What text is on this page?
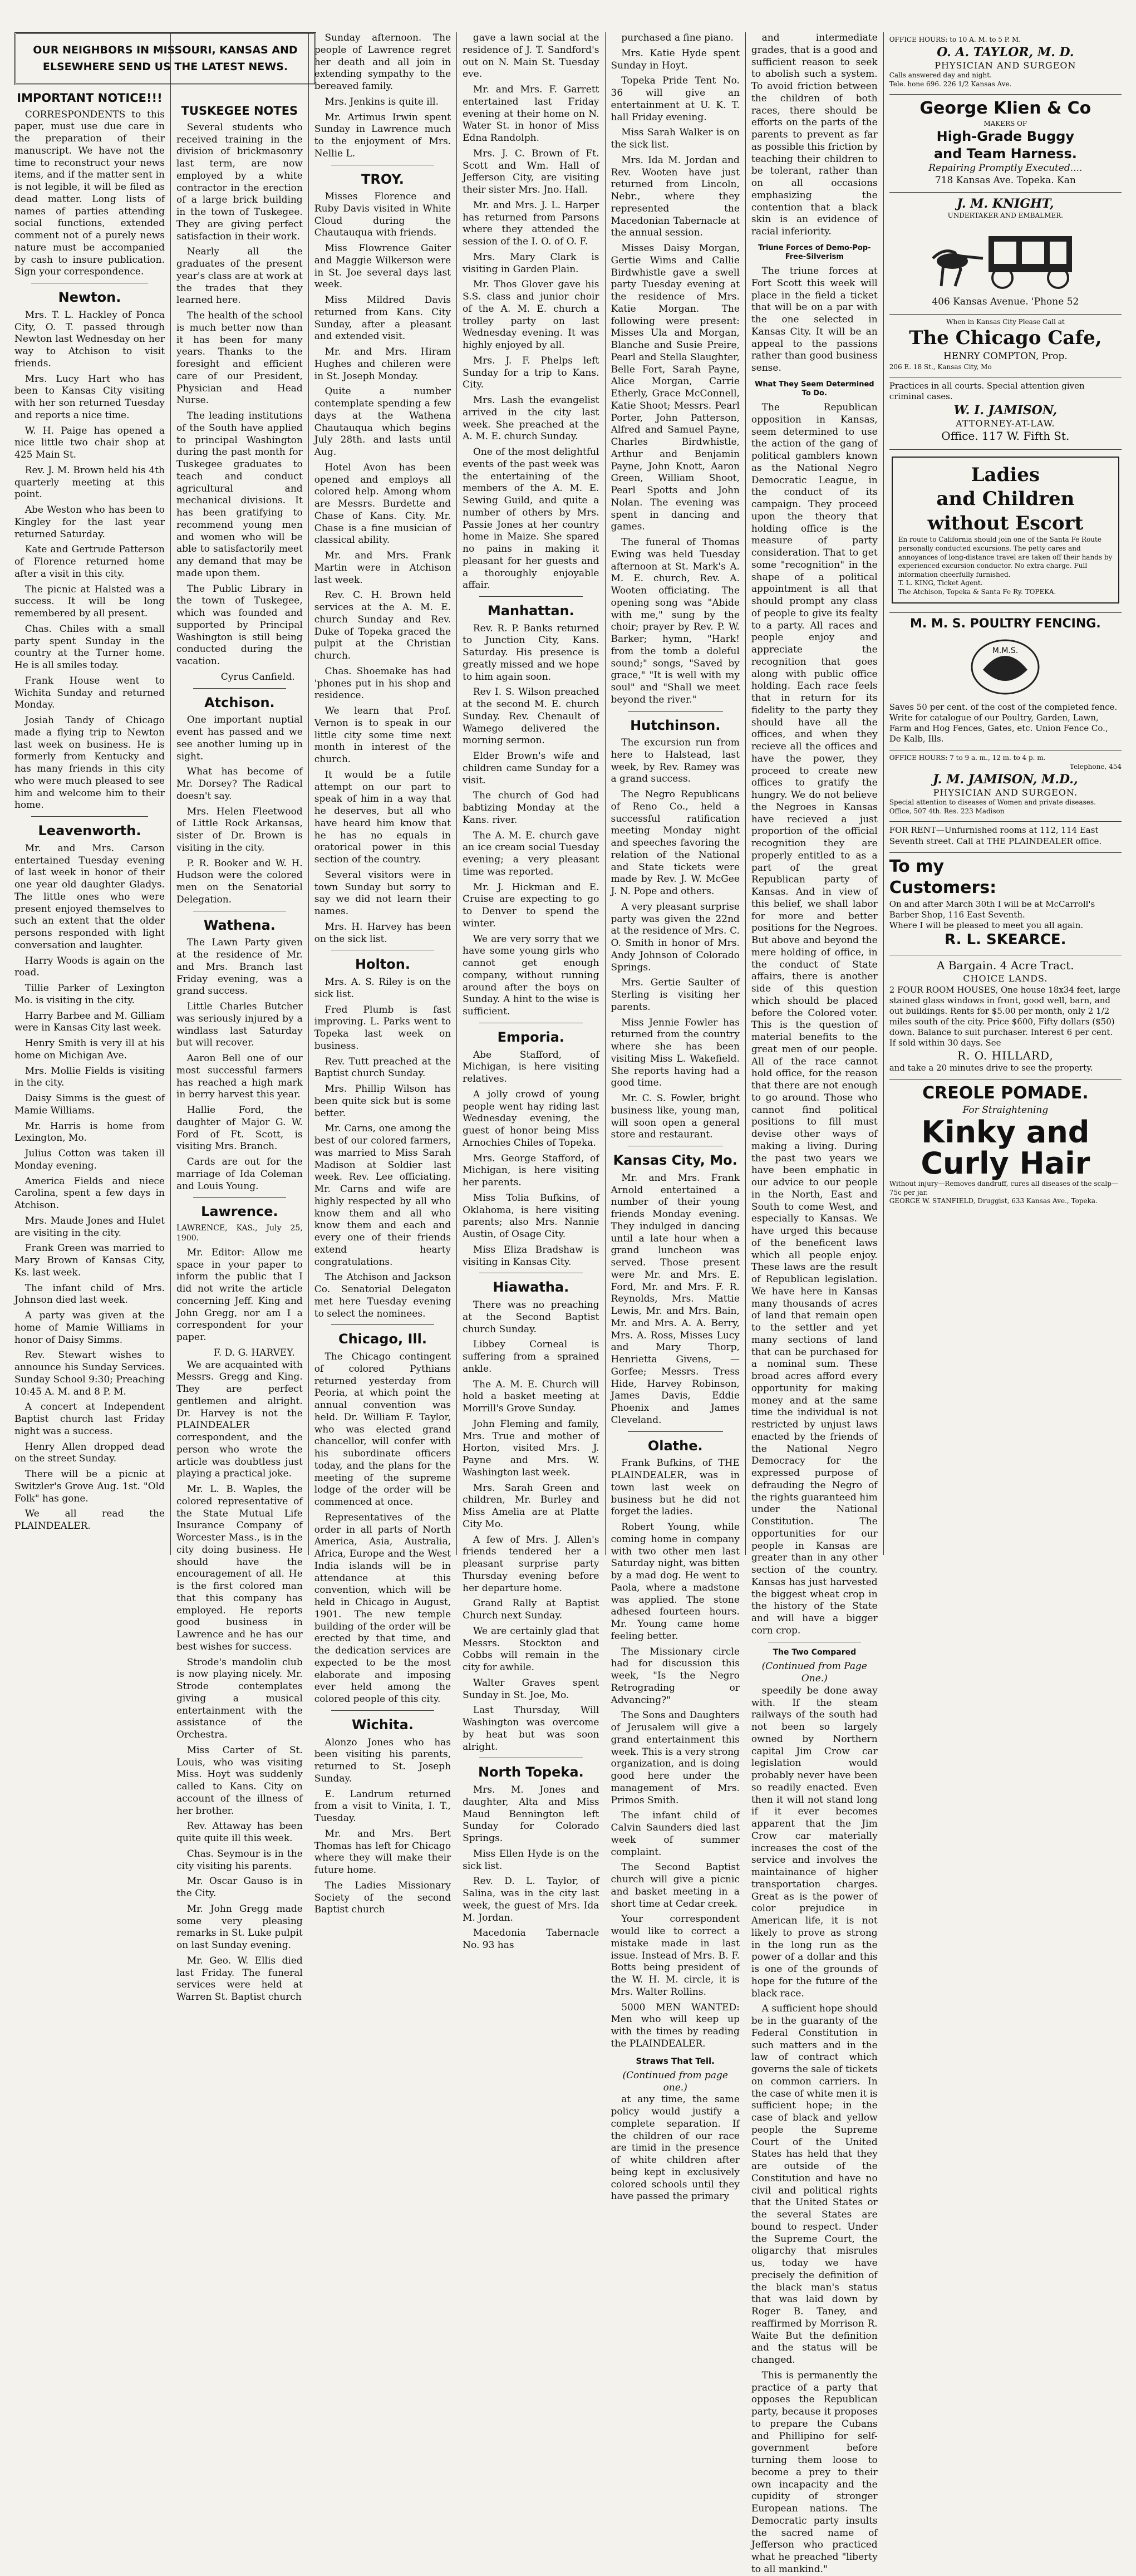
OUR NEIGHBORS IN MISSOURI, KANSAS AND
ELSEWHERE SEND US THE LATEST NEWS.
IMPORTANT NOTICE!!!

CORRESPONDENTS to this paper, must use due care in the preparation of their manuscript. We have not the time to reconstruct your news items, and if the matter sent in is not legible, it will be filed as dead matter. Long lists of names of parties attending social functions, extended comment not of a purely news nature must be accompanied by cash to insure publication. Sign your correspondence.

Newton.

Mrs. T. L. Hackley of Ponca City, O. T. passed through Newton last Wednesday on her way to Atchison to visit friends.

Mrs. Lucy Hart who has been to Kansas City visiting with her son returned Tuesday and reports a nice time.

W. H. Paige has opened a nice little two chair shop at 425 Main St.

Rev. J. M. Brown held his 4th quarterly meeting at this point.

Abe Weston who has been to Kingley for the last year returned Saturday.

Kate and Gertrude Patterson of Florence returned home after a visit in this city.

The picnic at Halsted was a success. It will be long remembered by all present.

Chas. Chiles with a small party spent Sunday in the country at the Turner home. He is all smiles today.

Frank House went to Wichita Sunday and returned Monday.

Josiah Tandy of Chicago made a flying trip to Newton last week on business. He is formerly from Kentucky and has many friends in this city who were much pleased to see him and welcome him to their home.

Leavenworth.

Mr. and Mrs. Carson entertained Tuesday evening of last week in honor of their one year old daughter Gladys. The little ones who were present enjoyed themselves to such an extent that the older persons responded with light conversation and laughter.

Harry Woods is again on the road.

Tillie Parker of Lexington Mo. is visiting in the city.

Harry Barbee and M. Gilliam were in Kansas City last week.

Henry Smith is very ill at his home on Michigan Ave.

Mrs. Mollie Fields is visiting in the city.

Daisy Simms is the guest of Mamie Williams.

Mr. Harris is home from Lexington, Mo.

Julius Cotton was taken ill Monday evening.

America Fields and niece Carolina, spent a few days in Atchison.

Mrs. Maude Jones and Hulet are visiting in the city.

Frank Green was married to Mary Brown of Kansas City, Ks. last week.

The infant child of Mrs. Johnson died last week.

A party was given at the home of Mamie Williams in honor of Daisy Simms.

Rev. Stewart wishes to announce his Sunday Services. Sunday School 9:30; Preaching 10:45 A. M. and 8 P. M.

A concert at Independent Baptist church last Friday night was a success.

Henry Allen dropped dead on the street Sunday.

There will be a picnic at Switzler's Grove Aug. 1st. "Old Folk" has gone.

We all read the PLAINDEALER.

TUSKEGEE NOTES

Several students who received training in the division of brickmasonry last term, are now employed by a white contractor in the erection of a large brick building in the town of Tuskegee. They are giving perfect satisfaction in their work.

Nearly all the graduates of the present year's class are at work at the trades that they learned here.

The health of the school is much better now than it has been for many years. Thanks to the foresight and efficient care of our President, Physician and Head Nurse.

The leading institutions of the South have applied to principal Washington during the past month for Tuskegee graduates to teach and conduct agricultural and mechanical divisions. It has been gratifying to recommend young men and women who will be able to satisfactorily meet any demand that may be made upon them.

The Public Library in the town of Tuskegee, which was founded and supported by Principal Washington is still being conducted during the vacation.

Cyrus Canfield.
Atchison.

One important nuptial event has passed and we see another luming up in sight.

What has become of Mr. Dorsey? The Radical doesn't say.

Mrs. Helen Fleetwood of Little Rock Arkansas, sister of Dr. Brown is visiting in the city.

P. R. Booker and W. H. Hudson were the colored men on the Senatorial Delegation.

Wathena.

The Lawn Party given at the residence of Mr. and Mrs. Branch last Friday evening, was a grand success.

Little Charles Butcher was seriously injured by a windlass last Saturday but will recover.

Aaron Bell one of our most successful farmers has reached a high mark in berry harvest this year.

Hallie Ford, the daughter of Major G. W. Ford of Ft. Scott, is visiting Mrs. Branch.

Cards are out for the marriage of Ida Coleman and Louis Young.

Lawrence.

LAWRENCE, KAS., July 25, 1900.

Mr. Editor: Allow me space in your paper to inform the public that I did not write the article concerning Jeff. King and John Gregg, nor am I a correspondent for your paper.

F. D. G. HARVEY.

We are acquainted with Messrs. Gregg and King. They are perfect gentlemen and alright. Dr. Harvey is not the PLAINDEALER correspondent, and the person who wrote the article was doubtless just playing a practical joke.

Mr. L. B. Waples, the colored representative of the State Mutual Life Insurance Company of Worcester Mass., is in the city doing business. He should have the encouragement of all. He is the first colored man that this company has employed. He reports good business in Lawrence and he has our best wishes for success.

Strode's mandolin club is now playing nicely. Mr. Strode contemplates giving a musical entertainment with the assistance of the Orchestra.

Miss Carter of St. Louis, who was visiting Miss. Hoyt was suddenly called to Kans. City on account of the illness of her brother.

Rev. Attaway has been quite quite ill this week.

Chas. Seymour is in the city visiting his parents.

Mr. Oscar Gauso is in the City.

Mr. John Gregg made some very pleasing remarks in St. Luke pulpit on last Sunday evening.

Mr. Geo. W. Ellis died last Friday. The funeral services were held at Warren St. Baptist church

Sunday afternoon. The people of Lawrence regret her death and all join in extending sympathy to the bereaved family.

Mrs. Jenkins is quite ill.

Mr. Artimus Irwin spent Sunday in Lawrence much to the enjoyment of Mrs. Nellie L.

TROY.

Misses Florence and Ruby Davis visited in White Cloud during the Chautauqua with friends.

Miss Flowrence Gaiter and Maggie Wilkerson were in St. Joe several days last week.

Miss Mildred Davis returned from Kans. City Sunday, after a pleasant and extended visit.

Mr. and Mrs. Hiram Hughes and chileren were in St. Joseph Monday.

Quite a number contemplate spending a few days at the Wathena Chautauqua which begins July 28th. and lasts until Aug.

Hotel Avon has been opened and employs all colored help. Among whom are Messrs. Burdette and Chase of Kans. City. Mr. Chase is a fine musician of classical ability.

Mr. and Mrs. Frank Martin were in Atchison last week.

Rev. C. H. Brown held services at the A. M. E. church Sunday and Rev. Duke of Topeka graced the pulpit at the Christian church.

Chas. Shoemake has had 'phones put in his shop and residence.

We learn that Prof. Vernon is to speak in our little city some time next month in interest of the church.

It would be a futile attempt on our part to speak of him in a way that he deserves, but all who have heard him know that he has no equals in oratorical power in this section of the country.

Several visitors were in town Sunday but sorry to say we did not learn their names.

Mrs. H. Harvey has been on the sick list.

Holton.

Mrs. A. S. Riley is on the sick list.

Fred Plumb is fast improving. L. Parks went to Topeka last week on business.

Rev. Tutt preached at the Baptist church Sunday.

Mrs. Phillip Wilson has been quite sick but is some better.

Mr. Carns, one among the best of our colored farmers, was married to Miss Sarah Madison at Soldier last week. Rev. Lee officiating. Mr. Carns and wife are highly respected by all who know them and all who know them and each and every one of their friends extend hearty congratulations.

The Atchison and Jackson Co. Senatorial Delegaton met here Tuesday evening to select the nominees.

Chicago, Ill.

The Chicago contingent of colored Pythians returned yesterday from Peoria, at which point the annual convention was held. Dr. William F. Taylor, who was elected grand chancellor, will confer with his subordinate officers today, and the plans for the meeting of the supreme lodge of the order will be commenced at once.

Representatives of the order in all parts of North America, Asia, Australia, Africa, Europe and the West India islands will be in attendance at this convention, which will be held in Chicago in August, 1901. The new temple building of the order will be erected by that time, and the dedication services are expected to be the most elaborate and imposing ever held among the colored people of this city.

Wichita.

Alonzo Jones who has been visiting his parents, returned to St. Joseph Sunday.

E. Landrum returned from a visit to Vinita, I. T., Tuesday.

Mr. and Mrs. Bert Thomas has left for Chicago where they will make their future home.

The Ladies Missionary Society of the second Baptist church

gave a lawn social at the residence of J. T. Sandford's out on N. Main St. Tuesday eve.

Mr. and Mrs. F. Garrett entertained last Friday evening at their home on N. Water St. in honor of Miss Edna Randolph.

Mrs. J. C. Brown of Ft. Scott and Wm. Hall of Jefferson City, are visiting their sister Mrs. Jno. Hall.

Mr. and Mrs. J. L. Harper has returned from Parsons where they attended the session of the I. O. of O. F.

Mrs. Mary Clark is visiting in Garden Plain.

Mr. Thos Glover gave his S.S. class and junior choir of the A. M. E. church a trolley party on last Wednesday evening. It was highly enjoyed by all.

Mrs. J. F. Phelps left Sunday for a trip to Kans. City.

Mrs. Lash the evangelist arrived in the city last week. She preached at the A. M. E. church Sunday.

One of the most delightful events of the past week was the entertaining of the members of the A. M. E. Sewing Guild, and quite a number of others by Mrs. Passie Jones at her country home in Maize. She spared no pains in making it pleasant for her guests and a thoroughly enjoyable affair.

Manhattan.

Rev. R. P. Banks returned to Junction City, Kans. Saturday. His presence is greatly missed and we hope to him again soon.

Rev I. S. Wilson preached at the second M. E. church Sunday. Rev. Chenault of Wamego delivered the morning sermon.

Elder Brown's wife and children came Sunday for a visit.

The church of God had babtizing Monday at the Kans. river.

The A. M. E. church gave an ice cream social Tuesday evening; a very pleasant time was reported.

Mr. J. Hickman and E. Cruise are expecting to go to Denver to spend the winter.

We are very sorry that we have some young girls who cannot get enough company, without running around after the boys on Sunday. A hint to the wise is sufficient.

Emporia.

Abe Stafford, of Michigan, is here visiting relatives.

A jolly crowd of young people went hay riding last Wednesday evening, the guest of honor being Miss Arnochies Chiles of Topeka.

Mrs. George Stafford, of Michigan, is here visiting her parents.

Miss Tolia Bufkins, of Oklahoma, is here visiting parents; also Mrs. Nannie Austin, of Osage City.

Miss Eliza Bradshaw is visiting in Kansas City.

Hiawatha.

There was no preaching at the Second Baptist church Sunday.

Libbey Corneal is suffering from a sprained ankle.

The A. M. E. Church will hold a basket meeting at Morrill's Grove Sunday.

John Fleming and family, Mrs. True and mother of Horton, visited Mrs. J. Payne and Mrs. W. Washington last week.

Mrs. Sarah Green and children, Mr. Burley and Miss Amelia are at Platte City Mo.

A few of Mrs. J. Allen's friends tendered her a pleasant surprise party Thursday evening before her departure home.

Grand Rally at Baptist Church next Sunday.

We are certainly glad that Messrs. Stockton and Cobbs will remain in the city for awhile.

Walter Graves spent Sunday in St. Joe, Mo.

Last Thursday, Will Washington was overcome by heat but was soon alright.

North Topeka.

Mrs. M. Jones and daughter, Alta and Miss Maud Bennington left Sunday for Colorado Springs.

Miss Ellen Hyde is on the sick list.

Rev. D. L. Taylor, of Salina, was in the city last week, the guest of Mrs. Ida M. Jordan.

Macedonia Tabernacle No. 93 has

purchased a fine piano.

Mrs. Katie Hyde spent Sunday in Hoyt.

Topeka Pride Tent No. 36 will give an entertainment at U. K. T. hall Friday evening.

Miss Sarah Walker is on the sick list.

Mrs. Ida M. Jordan and Rev. Wooten have just returned from Lincoln, Nebr., where they represented the Macedonian Tabernacle at the annual session.

Misses Daisy Morgan, Gertie Wims and Callie Birdwhistle gave a swell party Tuesday evening at the residence of Mrs. Katie Morgan. The following were present: Misses Ula and Morgan, Blanche and Susie Preire, Pearl and Stella Slaughter, Belle Fort, Sarah Payne, Alice Morgan, Carrie Etherly, Grace McConnell, Katie Shoot; Messrs. Pearl Porter, John Patterson, Alfred and Samuel Payne, Charles Birdwhistle, Arthur and Benjamin Payne, John Knott, Aaron Green, William Shoot, Pearl Spotts and John Nolan. The evening was spent in dancing and games.

The funeral of Thomas Ewing was held Tuesday afternoon at St. Mark's A. M. E. church, Rev. A. Wooten officiating. The opening song was "Abide with me," sung by the choir; prayer by Rev. P. W. Barker; hymn, "Hark! from the tomb a doleful sound;" songs, "Saved by grace," "It is well with my soul" and "Shall we meet beyond the river."

Hutchinson.

The excursion run from here to Halstead, last week, by Rev. Ramey was a grand success.

The Negro Republicans of Reno Co., held a successful ratification meeting Monday night and speeches favoring the relation of the National and State tickets were made by Rev. J. W. McGee J. N. Pope and others.

A very pleasant surprise party was given the 22nd at the residence of Mrs. C. O. Smith in honor of Mrs. Andy Johnson of Colorado Springs.

Mrs. Gertie Saulter of Sterling is visiting her parents.

Miss Jennie Fowler has returned from the country where she has been visiting Miss L. Wakefield. She reports having had a good time.

Mr. C. S. Fowler, bright business like, young man, will soon open a general store and restaurant.

Kansas City, Mo.

Mr. and Mrs. Frank Arnold entertained a number of their young friends Monday evening. They indulged in dancing until a late hour when a grand luncheon was served. Those present were Mr. and Mrs. E. Ford, Mr. and Mrs. F. R. Reynolds, Mrs. Mattie Lewis, Mr. and Mrs. Bain, Mr. and Mrs. A. A. Berry, Mrs. A. Ross, Misses Lucy and Mary Thorp, Henrietta Givens, — Gorfee; Messrs. Tress Hide, Harvey Robinson, James Davis, Eddie Phoenix and James Cleveland.

Olathe.

Frank Bufkins, of THE PLAINDEALER, was in town last week on business but he did not forget the ladies.

Robert Young, while coming home in company with two other men last Saturday night, was bitten by a mad dog. He went to Paola, where a madstone was applied. The stone adhesed fourteen hours. Mr. Young came home feeling better.

The Missionary circle had for discussion this week, "Is the Negro Retrograding or Advancing?"

The Sons and Daughters of Jerusalem will give a grand entertainment this week. This is a very strong organization, and is doing good here under the management of Mrs. Primos Smith.

The infant child of Calvin Saunders died last week of summer complaint.

The Second Baptist church will give a picnic and basket meeting in a short time at Cedar creek.

Your correspondent would like to correct a mistake made in last issue. Instead of Mrs. B. F. Botts being president of the W. H. M. circle, it is Mrs. Walter Rollins.

5000 MEN WANTED: Men who will keep up with the times by reading the PLAINDEALER.

Straws That Tell.
(Continued from page one.)

at any time, the same policy would justify a complete separation. If the children of our race are timid in the presence of white children after being kept in exclusively colored schools until they have passed the primary

and intermediate grades, that is a good and sufficient reason to seek to abolish such a system. To avoid friction between the children of both races, there should be efforts on the parts of the parents to prevent as far as possible this friction by teaching their children to be tolerant, rather than on all occasions emphasizing the contention that a black skin is an evidence of racial inferiority.

Triune Forces of Demo-Pop-Free-Silverism

The triune forces at Fort Scott this week will place in the field a ticket that will be on a par with the one selected in Kansas City. It will be an appeal to the passions rather than good business sense.

What They Seem Determined To Do.

The Republican opposition in Kansas, seem determined to use the action of the gang of political gamblers known as the National Negro Democratic League, in the conduct of its campaign. They proceed upon the theory that holding office is the measure of party consideration. That to get some "recognition" in the shape of a political appointment is all that should prompt any class of people to give its fealty to a party. All races and people enjoy and appreciate the recognition that goes along with public office holding. Each race feels that in return for its fidelity to the party they should have all the offices, and when they recieve all the offices and have the power, they proceed to create new offices to gratify the hungry. We do not believe the Negroes in Kansas have recieved a just proportion of the official recognition they are properly entitled to as a part of the great Republican party of Kansas. And in view of this belief, we shall labor for more and better positions for the Negroes. But above and beyond the mere holding of office, in the conduct of State affairs, there is another side of this question which should be placed before the Colored voter. This is the question of material benefits to the great men of our people. All of the race cannot hold office, for the reason that there are not enough to go around. Those who cannot find political positions to fill must devise other ways of making a living. During the past two years we have been emphatic in our advice to our people in the North, East and South to come West, and especially to Kansas. We have urged this because of the beneficent laws which all people enjoy. These laws are the result of Republican legislation. We have here in Kansas many thousands of acres of land that remain open to the settler and yet many sections of land that can be purchased for a nominal sum. These broad acres afford every opportunity for making money and at the same time the individual is not restricted by unjust laws enacted by the friends of the National Negro Democracy for the expressed purpose of defrauding the Negro of the rights guaranteed him under the National Constitution. The opportunities for our people in Kansas are greater than in any other section of the country. Kansas has just harvested the biggest wheat crop in the history of the State and will have a bigger corn crop.

The Two Compared
(Continued from Page One.)

speedily be done away with. If the steam railways of the south had not been so largely owned by Northern capital Jim Crow car legislation would probably never have been so readily enacted. Even then it will not stand long if it ever becomes apparent that the Jim Crow car materially increases the cost of the service and involves the maintainance of higher transportation charges. Great as is the power of color prejudice in American life, it is not likely to prove as strong in the long run as the power of a dollar and this is one of the grounds of hope for the future of the black race.

A sufficient hope should be in the guaranty of the Federal Constitution in such matters and in the law of contract which governs the sale of tickets on common carriers. In the case of white men it is sufficient hope; in the case of black and yellow people the Supreme Court of the United States has held that they are outside of the Constitution and have no civil and political rights that the United States or the several States are bound to respect. Under the Supreme Court, the oligarchy that misrules us, today we have precisely the definition of the black man's status that was laid down by Roger B. Taney, and reaffirmed by Morrison R. Waite But the definition and the status will be changed.

This is permanently the practice of a party that opposes the Republican party, because it proposes to prepare the Cubans and Phillipino for self-government before turning them loose to become a prey to their own incapacity and the cupidity of stronger European nations. The Democratic party insults the sacred name of Jefferson who practiced what he preached "liberty to all mankind."

OFFICE HOURS: to 10 A. M. to 5 P. M.
O. A. TAYLOR, M. D.
PHYSICIAN AND SURGEON
Calls answered day and night.
Tele. hone 696. 226 1/2 Kansas Ave.
George Klien & Co
MAKERS OF
High-Grade Buggy
and Team Harness.
Repairing Promptly Executed....
718 Kansas Ave. Topeka. Kan
J. M. KNIGHT,
UNDERTAKER AND EMBALMER.
406 Kansas Avenue. 'Phone 52
When in Kansas City Please Call at
The Chicago Cafe,
HENRY COMPTON, Prop.
206 E. 18 St., Kansas City, Mo
Practices in all courts. Special attention given criminal cases.
W. I. JAMISON,
ATTORNEY-AT-LAW.
Office. 117 W. Fifth St.
Ladies
and Children
without Escort
En route to California should join one of the Santa Fe Route personally conducted excursions. The petty cares and annoyances of long-distance travel are taken off their hands by experienced excursion conductor. No extra charge. Full information cheerfully furnished.
T. L. KING, Ticket Agent.
The Atchison, Topeka & Santa Fe Ry. TOPEKA.
M. M. S. POULTRY FENCING.
M.M.S.
Saves 50 per cent. of the cost of the completed fence. Write for catalogue of our Poultry, Garden, Lawn, Farm and Hog Fences, Gates, etc. Union Fence Co., De Kalb, Ills.
OFFICE HOURS: 7 to 9 a. m., 12 m. to 4 p. m.
Telephone, 454
J. M. JAMISON, M.D.,
PHYSICIAN AND SURGEON.
Special attention to diseases of Women and private diseases.
Office, 507 4th. Res. 223 Madison
FOR RENT—Unfurnished rooms at 112, 114 East Seventh street. Call at THE PLAINDEALER office.
To my
Customers:
On and after March 30th I will be at McCarroll's Barber Shop, 116 East Seventh.
Where I will be pleased to meet you all again.
R. L. SKEARCE.
A Bargain. 4 Acre Tract.
CHOICE LANDS.
2 FOUR ROOM HOUSES, One house 18x34 feet, large stained glass windows in front, good well, barn, and out buildings. Rents for $5.00 per month, only 2 1/2 miles south of the city. Price $600, Fifty dollars ($50) down. Balance to suit purchaser. Interest 6 per cent. If sold within 30 days. See
R. O. HILLARD,
and take a 20 minutes drive to see the property.
CREOLE POMADE.
For Straightening
Kinky and
Curly Hair
Without injury—Removes dandruff, cures all diseases of the scalp—75c per jar.
GEORGE W. STANFIELD, Druggist, 633 Kansas Ave., Topeka.
